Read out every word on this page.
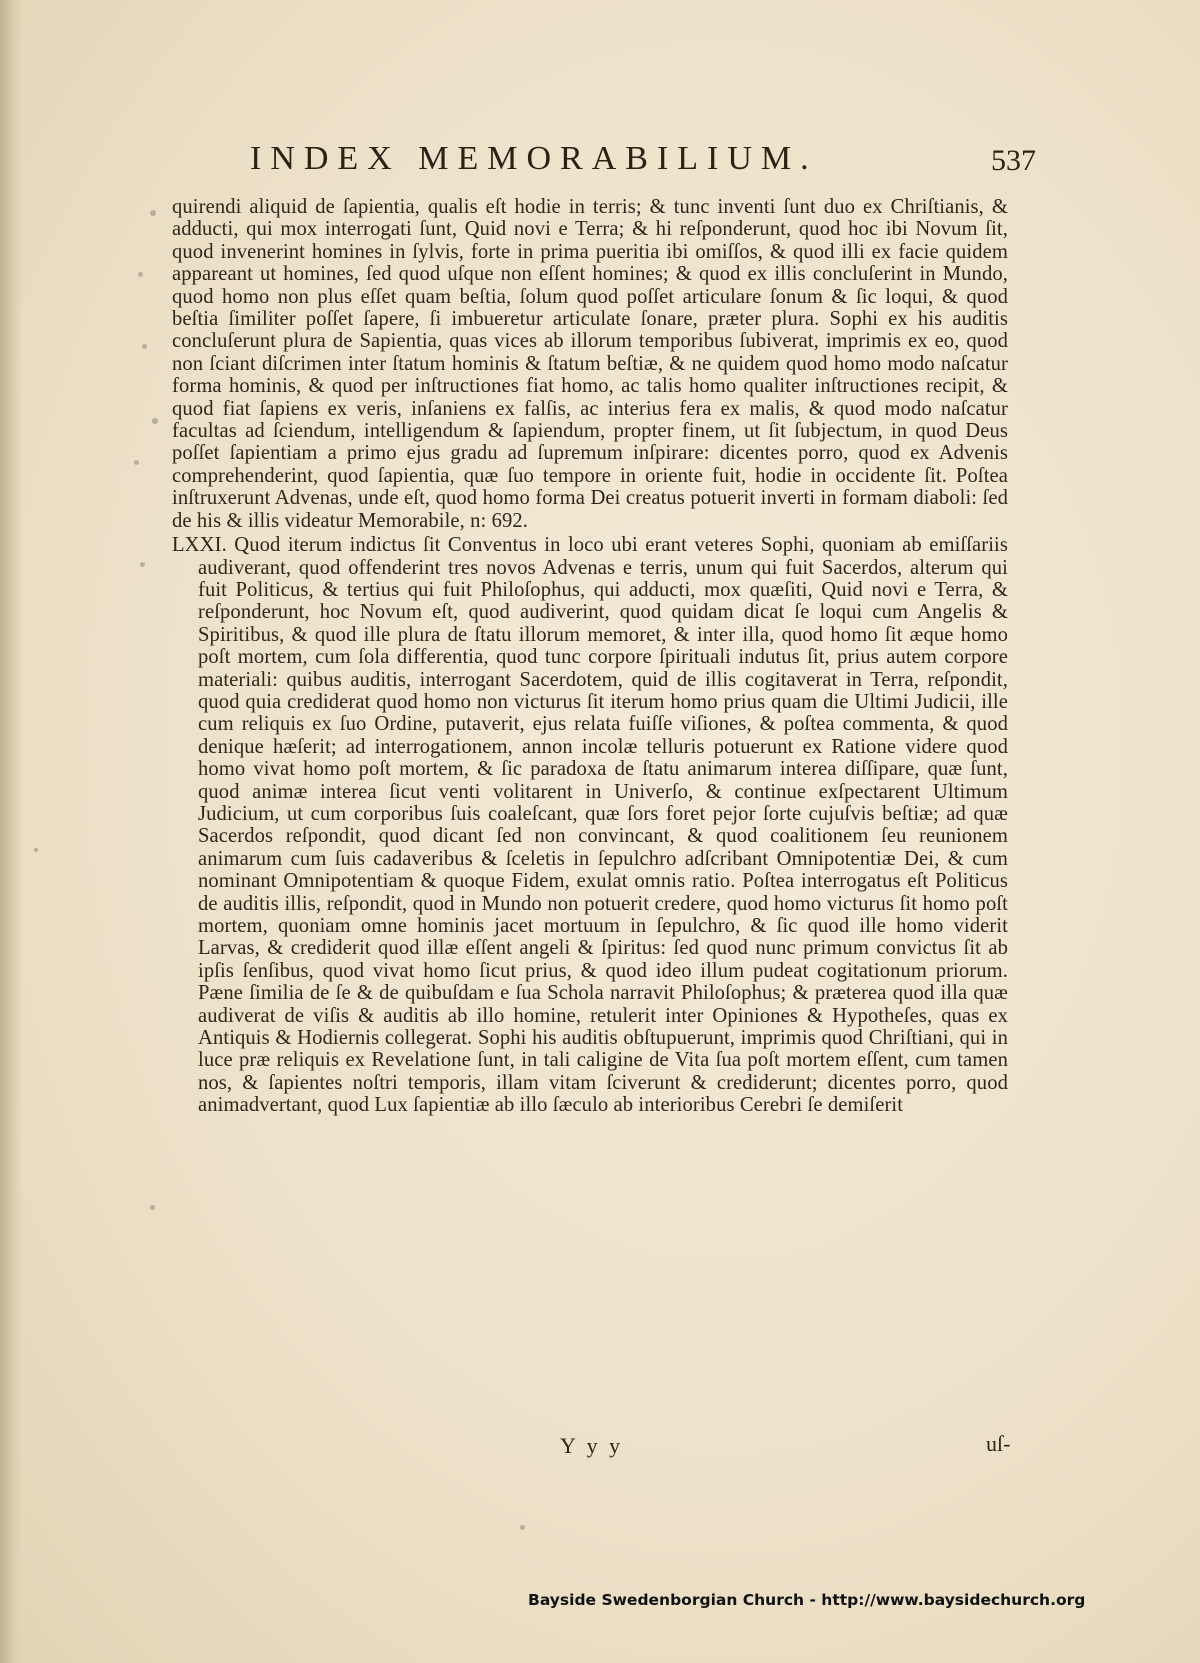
INDEX MEMORABILIUM.	537

quirendi aliquid de ſapientia, qualis eſt hodie in terris; & tunc inventi ſunt duo ex Chriſtianis, & adducti, qui mox interrogati ſunt, Quid novi e Terra; & hi reſponderunt, quod hoc ibi Novum ſit, quod invenerint homines in ſylvis, forte in prima pueritia ibi omiſſos, & quod illi ex facie quidem appareant ut homines, ſed quod uſque non eſſent homines; & quod ex illis concluſerint in Mundo, quod homo non plus eſſet quam beſtia, ſolum quod poſſet articulare ſonum & ſic loqui, & quod beſtia ſimiliter poſſet ſapere, ſi imbueretur articulate ſonare, præter plura. Sophi ex his auditis concluſerunt plura de Sapientia, quas vices ab illorum temporibus ſubiverat, imprimis ex eo, quod non ſciant diſcrimen inter ſtatum hominis & ſtatum beſtiæ, & ne quidem quod homo modo naſcatur forma hominis, & quod per inſtructiones fiat homo, ac talis homo qualiter inſtructiones recipit, & quod fiat ſapiens ex veris, inſaniens ex falſis, ac interius fera ex malis, & quod modo naſcatur facultas ad ſciendum, intelligendum & ſapiendum, propter finem, ut ſit ſubjectum, in quod Deus poſſet ſapientiam a primo ejus gradu ad ſupremum inſpirare: dicentes porro, quod ex Advenis comprehenderint, quod ſapientia, quæ ſuo tempore in oriente fuit, hodie in occidente ſit. Poſtea inſtruxerunt Advenas, unde eſt, quod homo forma Dei creatus potuerit inverti in formam diaboli: ſed de his & illis videatur Memorabile, n: 692.

LXXI. Quod iterum indictus ſit Conventus in loco ubi erant veteres Sophi, quoniam ab emiſſariis audiverant, quod offenderint tres novos Advenas e terris, unum qui fuit Sacerdos, alterum qui fuit Politicus, & tertius qui fuit Philoſophus, qui adducti, mox quæſiti, Quid novi e Terra, & reſponderunt, hoc Novum eſt, quod audiverint, quod quidam dicat ſe loqui cum Angelis & Spiritibus, & quod ille plura de ſtatu illorum memoret, & inter illa, quod homo ſit æque homo poſt mortem, cum ſola differentia, quod tunc corpore ſpirituali indutus ſit, prius autem corpore materiali: quibus auditis, interrogant Sacerdotem, quid de illis cogitaverat in Terra, reſpondit, quod quia crediderat quod homo non victurus ſit iterum homo prius quam die Ultimi Judicii, ille cum reliquis ex ſuo Ordine, putaverit, ejus relata fuiſſe viſiones, & poſtea commenta, & quod denique hæſerit; ad interrogationem, annon incolæ telluris potuerunt ex Ratione videre quod homo vivat homo poſt mortem, & ſic paradoxa de ſtatu animarum interea diſſipare, quæ ſunt, quod animæ interea ſicut venti volitarent in Univerſo, & continue exſpectarent Ultimum Judicium, ut cum corporibus ſuis coaleſcant, quæ ſors foret pejor ſorte cujuſvis beſtiæ; ad quæ Sacerdos reſpondit, quod dicant ſed non convincant, & quod coalitionem ſeu reunionem animarum cum ſuis cadaveribus & ſceletis in ſepulchro adſcribant Omnipotentiæ Dei, & cum nominant Omnipotentiam & quoque Fidem, exulat omnis ratio. Poſtea interrogatus eſt Politicus de auditis illis, reſpondit, quod in Mundo non potuerit credere, quod homo victurus ſit homo poſt mortem, quoniam omne hominis jacet mortuum in ſepulchro, & ſic quod ille homo viderit Larvas, & crediderit quod illæ eſſent angeli & ſpiritus: ſed quod nunc primum convictus ſit ab ipſis ſenſibus, quod vivat homo ſicut prius, & quod ideo illum pudeat cogitationum priorum. Pæne ſimilia de ſe & de quibuſdam e ſua Schola narravit Philoſophus; & præterea quod illa quæ audiverat de viſis & auditis ab illo homine, retulerit inter Opiniones & Hypotheſes, quas ex Antiquis & Hodiernis collegerat. Sophi his auditis obſtupuerunt, imprimis quod Chriſtiani, qui in luce præ reliquis ex Revelatione ſunt, in tali caligine de Vita ſua poſt mortem eſſent, cum tamen nos, & ſapientes noſtri temporis, illam vitam ſciverunt & crediderunt; dicentes porro, quod animadvertant, quod Lux ſapientiæ ab illo ſæculo ab interioribus Cerebri ſe demiſerit

Y y y	uſ-
Bayside Swedenborgian Church - http://www.baysidechurch.org
